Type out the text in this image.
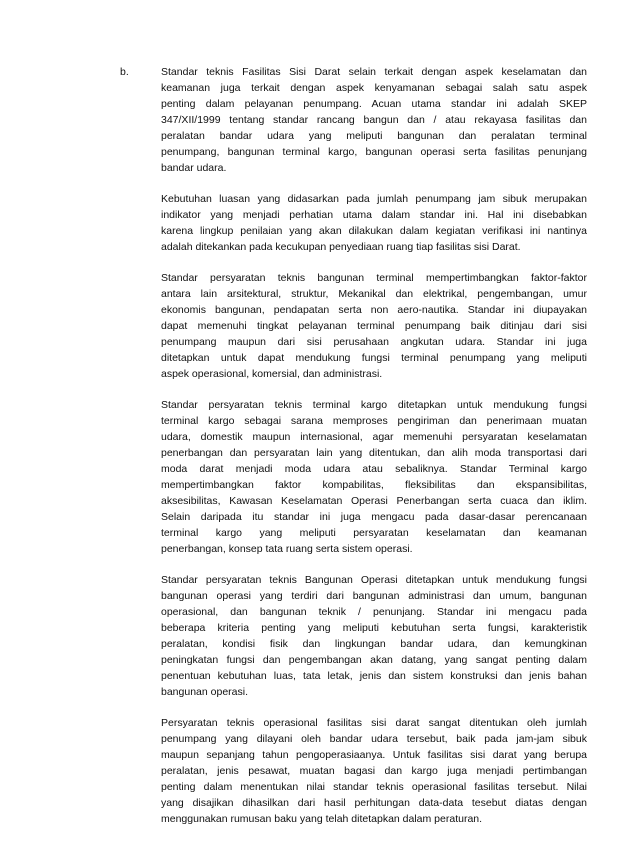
b.	Standar teknis Fasilitas Sisi Darat selain terkait dengan aspek keselamatan dan
keamanan juga terkait dengan aspek kenyamanan sebagai salah satu aspek
penting dalam pelayanan penumpang. Acuan utama standar ini adalah SKEP
347/XII/1999 tentang standar rancang bangun dan / atau rekayasa fasilitas dan
peralatan bandar udara yang meliputi bangunan dan peralatan terminal
penumpang, bangunan terminal kargo, bangunan operasi serta fasilitas penunjang
bandar udara.
Kebutuhan luasan yang didasarkan pada jumlah penumpang jam sibuk merupakan
indikator yang menjadi perhatian utama dalam standar ini. Hal ini disebabkan
karena lingkup penilaian yang akan dilakukan dalam kegiatan verifikasi ini nantinya
adalah ditekankan pada kecukupan penyediaan ruang tiap fasilitas sisi Darat.
Standar persyaratan teknis bangunan terminal mempertimbangkan faktor-faktor
antara lain arsitektural, struktur, Mekanikal dan elektrikal, pengembangan, umur
ekonomis bangunan, pendapatan serta non aero-nautika. Standar ini diupayakan
dapat memenuhi tingkat pelayanan terminal penumpang baik ditinjau dari sisi
penumpang maupun dari sisi perusahaan angkutan udara. Standar ini juga
ditetapkan untuk dapat mendukung fungsi terminal penumpang yang meliputi
aspek operasional, komersial, dan administrasi.
Standar persyaratan teknis terminal kargo ditetapkan untuk mendukung fungsi
terminal kargo sebagai sarana memproses pengiriman dan penerimaan muatan
udara, domestik maupun internasional, agar memenuhi persyaratan keselamatan
penerbangan dan persyaratan lain yang ditentukan, dan alih moda transportasi dari
moda darat menjadi moda udara atau sebaliknya. Standar Terminal kargo
mempertimbangkan faktor kompabilitas, fleksibilitas dan ekspansibilitas,
aksesibilitas, Kawasan Keselamatan Operasi Penerbangan serta cuaca dan iklim.
Selain daripada itu standar ini juga mengacu pada dasar-dasar perencanaan
terminal kargo yang meliputi persyaratan keselamatan dan keamanan
penerbangan, konsep tata ruang serta sistem operasi.
Standar persyaratan teknis Bangunan Operasi ditetapkan untuk mendukung fungsi
bangunan operasi yang terdiri dari bangunan administrasi dan umum, bangunan
operasional, dan bangunan teknik / penunjang. Standar ini mengacu pada
beberapa kriteria penting yang meliputi kebutuhan serta fungsi, karakteristik
peralatan, kondisi fisik dan lingkungan bandar udara, dan kemungkinan
peningkatan fungsi dan pengembangan akan datang, yang sangat penting dalam
penentuan kebutuhan luas, tata letak, jenis dan sistem konstruksi dan jenis bahan
bangunan operasi.
Persyaratan teknis operasional fasilitas sisi darat sangat ditentukan oleh jumlah
penumpang yang dilayani oleh bandar udara tersebut, baik pada jam-jam sibuk
maupun sepanjang tahun pengoperasiaanya. Untuk fasilitas sisi darat yang berupa
peralatan, jenis pesawat, muatan bagasi dan kargo juga menjadi pertimbangan
penting dalam menentukan nilai standar teknis operasional fasilitas tersebut. Nilai
yang disajikan dihasilkan dari hasil perhitungan data-data tesebut diatas dengan
menggunakan rumusan baku yang telah ditetapkan dalam peraturan.
